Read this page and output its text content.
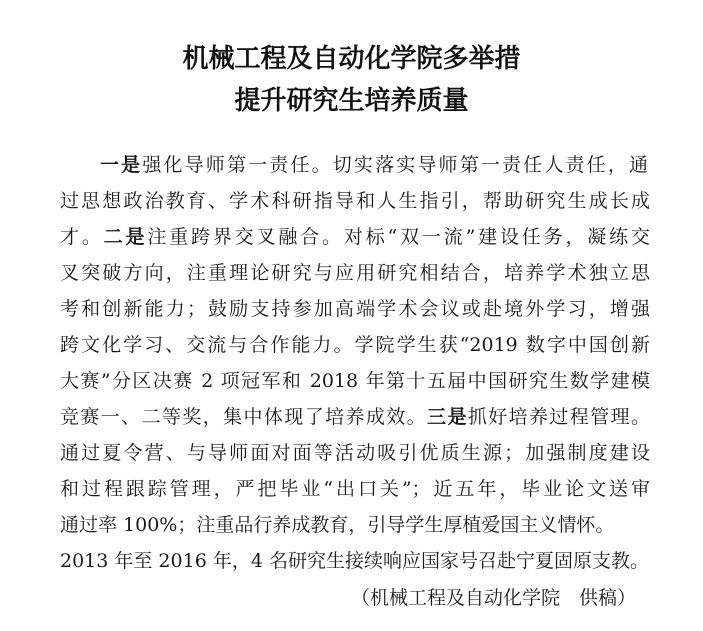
机械工程及自动化学院多举措
提升研究生培养质量
一是强化导师第一责任。切实落实导师第一责任人责任，通
过思想政治教育、学术科研指导和人生指引，帮助研究生成长成
才。二是注重跨界交叉融合。对标“双一流”建设任务，凝练交
叉突破方向，注重理论研究与应用研究相结合，培养学术独立思
考和创新能力；鼓励支持参加高端学术会议或赴境外学习，增强
跨文化学习、交流与合作能力。学院学生获“2019 数字中国创新
大赛”分区决赛 2 项冠军和 2018 年第十五届中国研究生数学建模
竞赛一、二等奖，集中体现了培养成效。三是抓好培养过程管理。
通过夏令营、与导师面对面等活动吸引优质生源；加强制度建设
和过程跟踪管理，严把毕业“出口关”；近五年，毕业论文送审
通过率 100%；注重品行养成教育，引导学生厚植爱国主义情怀。
2013 年至 2016 年，4 名研究生接续响应国家号召赴宁夏固原支教。
（机械工程及自动化学院　供稿）
